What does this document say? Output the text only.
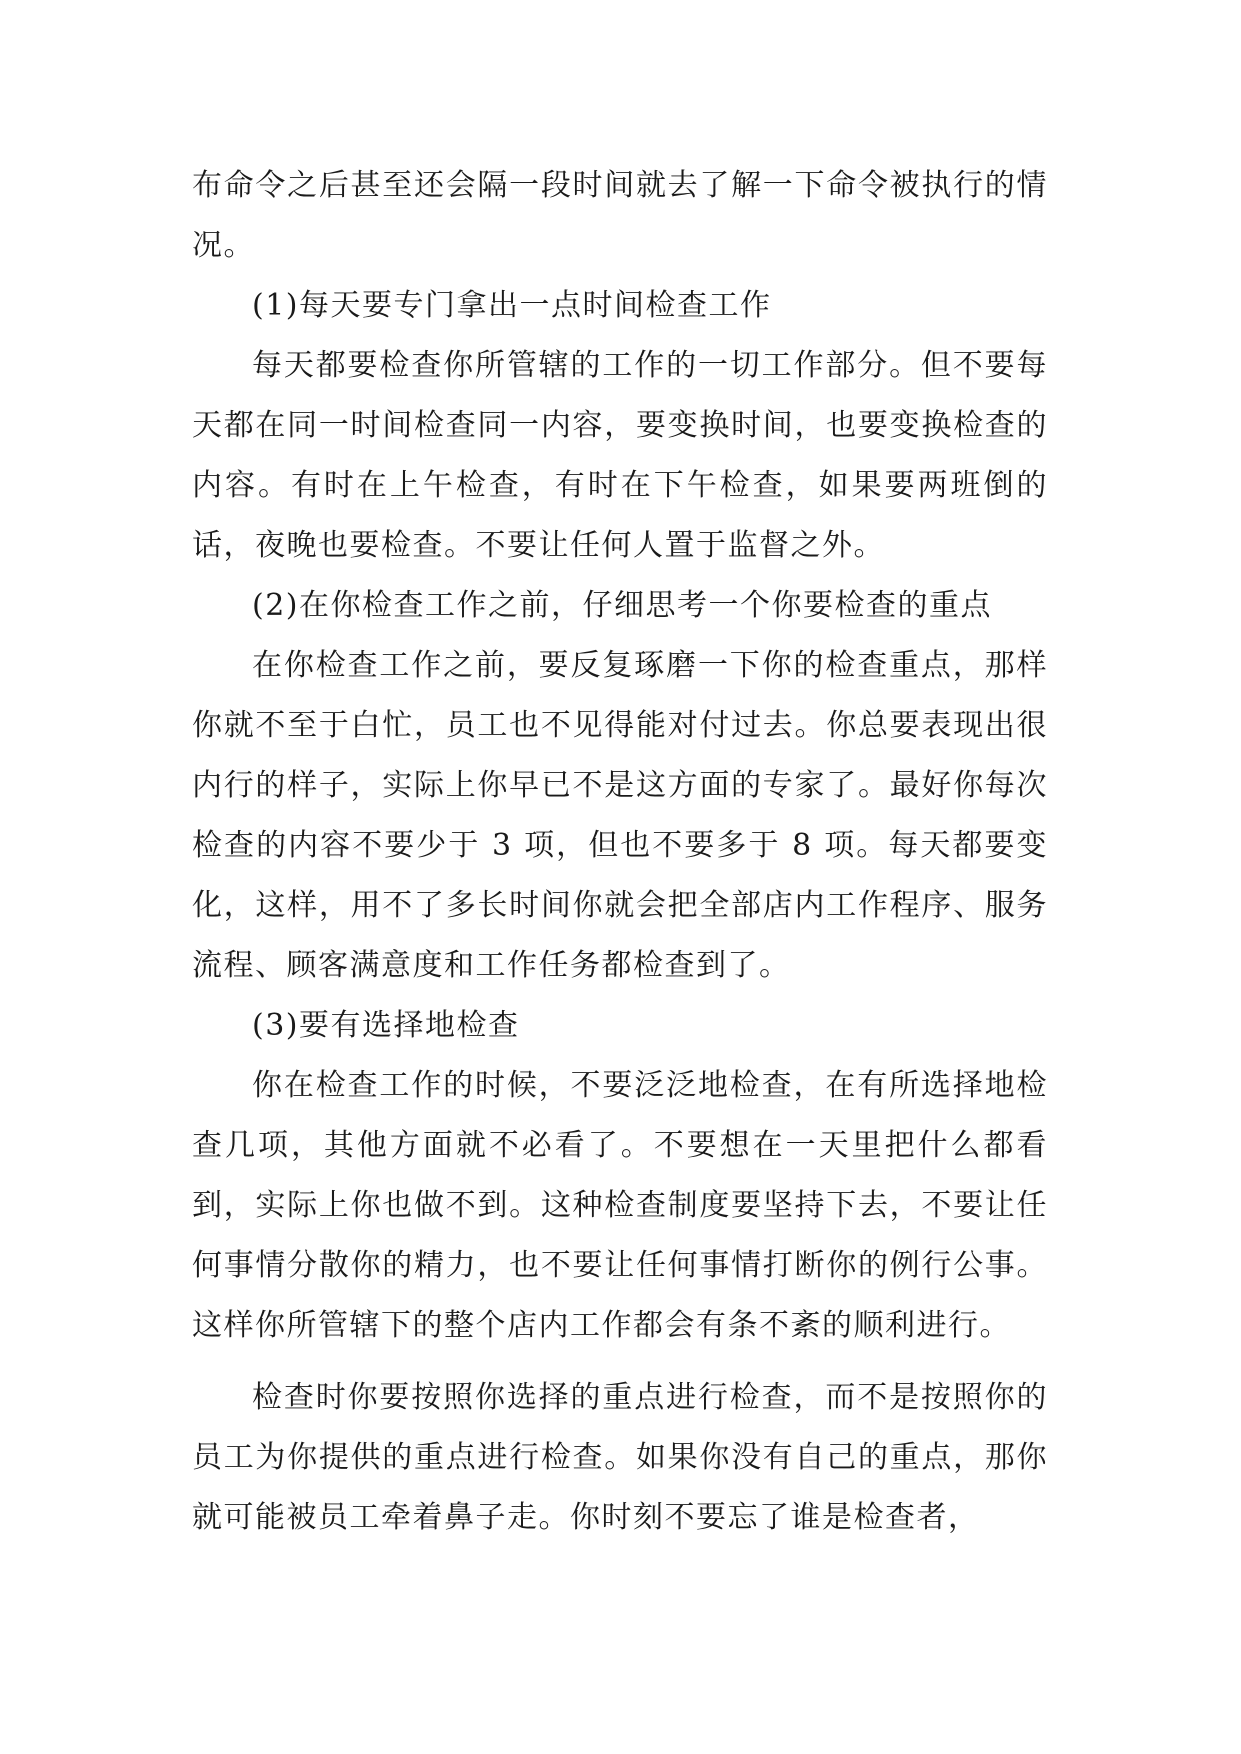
布命令之后甚至还会隔一段时间就去了解一下命令被执行的情况。

(1)每天要专门拿出一点时间检查工作

每天都要检查你所管辖的工作的一切工作部分。但不要每天都在同一时间检查同一内容，要变换时间，也要变换检查的内容。有时在上午检查，有时在下午检查，如果要两班倒的话，夜晚也要检查。不要让任何人置于监督之外。

(2)在你检查工作之前，仔细思考一个你要检查的重点

在你检查工作之前，要反复琢磨一下你的检查重点，那样你就不至于白忙，员工也不见得能对付过去。你总要表现出很内行的样子，实际上你早已不是这方面的专家了。最好你每次检查的内容不要少于 3 项，但也不要多于 8 项。每天都要变化，这样，用不了多长时间你就会把全部店内工作程序、服务流程、顾客满意度和工作任务都检查到了。

(3)要有选择地检查

你在检查工作的时候，不要泛泛地检查，在有所选择地检查几项，其他方面就不必看了。不要想在一天里把什么都看到，实际上你也做不到。这种检查制度要坚持下去，不要让任何事情分散你的精力，也不要让任何事情打断你的例行公事。这样你所管辖下的整个店内工作都会有条不紊的顺利进行。

检查时你要按照你选择的重点进行检查，而不是按照你的员工为你提供的重点进行检查。如果你没有自己的重点，那你就可能被员工牵着鼻子走。你时刻不要忘了谁是检查者，
